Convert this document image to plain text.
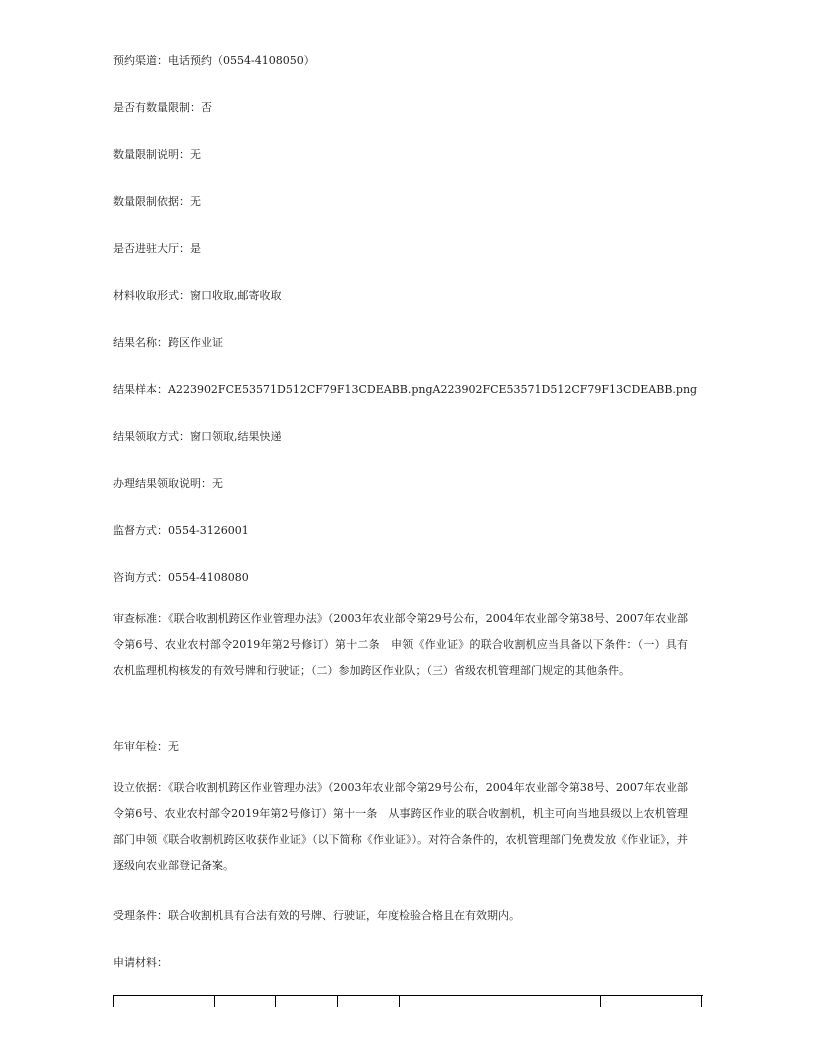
预约渠道：电话预约（0554-4108050）
是否有数量限制：否
数量限制说明：无
数量限制依据：无
是否进驻大厅：是
材料收取形式：窗口收取,邮寄收取
结果名称：跨区作业证
结果样本：A223902FCE53571D512CF79F13CDEABB.pngA223902FCE53571D512CF79F13CDEABB.png
结果领取方式：窗口领取,结果快递
办理结果领取说明：无
监督方式：0554-3126001
咨询方式：0554-4108080
审查标准：《联合收割机跨区作业管理办法》（2003年农业部令第29号公布，2004年农业部令第38号、2007年农业部令第6号、农业农村部令2019年第2号修订）第十二条　申领《作业证》的联合收割机应当具备以下条件：（一）具有农机监理机构核发的有效号牌和行驶证；（二）参加跨区作业队；（三）省级农机管理部门规定的其他条件。
年审年检：无
设立依据：《联合收割机跨区作业管理办法》（2003年农业部令第29号公布，2004年农业部令第38号、2007年农业部令第6号、农业农村部令2019年第2号修订）第十一条　从事跨区作业的联合收割机，机主可向当地县级以上农机管理部门申领《联合收割机跨区收获作业证》（以下简称《作业证》）。对符合条件的，农机管理部门免费发放《作业证》，并逐级向农业部登记备案。
受理条件：联合收割机具有合法有效的号牌、行驶证，年度检验合格且在有效期内。
申请材料：
